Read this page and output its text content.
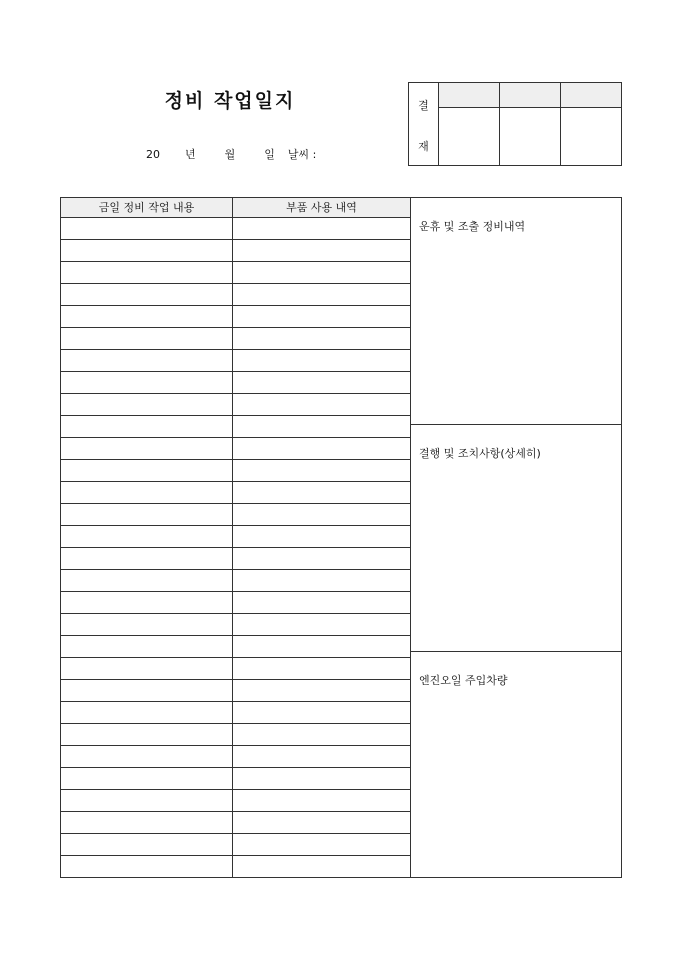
정비 작업일지
20 년	월	일 날씨 :
결
재
금일 정비 작업 내용	부품 사용 내역
운휴 및 조출 정비내역
결행 및 조치사항(상세히)
엔진오일 주입차량
